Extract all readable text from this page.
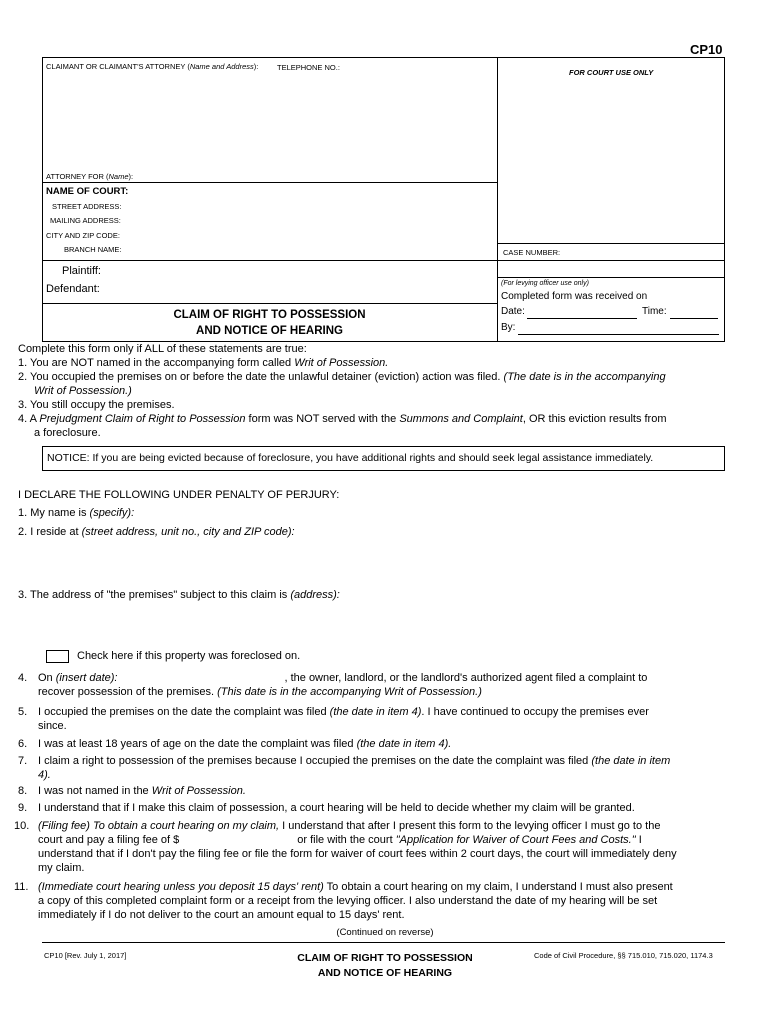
CP10
CLAIMANT OR CLAIMANT'S ATTORNEY (Name and Address): TELEPHONE NO.:
FOR COURT USE ONLY
ATTORNEY FOR (Name):
NAME OF COURT:
STREET ADDRESS:
MAILING ADDRESS:
CITY AND ZIP CODE:
BRANCH NAME:	CASE NUMBER:
Plaintiff:
Defendant:	(For levying officer use only)
Completed form was received on
Date:	Time:
By:
CLAIM OF RIGHT TO POSSESSION
AND NOTICE OF HEARING
Complete this form only if ALL of these statements are true:
1. You are NOT named in the accompanying form called Writ of Possession.
2. You occupied the premises on or before the date the unlawful detainer (eviction) action was filed. (The date is in the accompanying
Writ of Possession.)
3. You still occupy the premises.
4. A Prejudgment Claim of Right to Possession form was NOT served with the Summons and Complaint, OR this eviction results from
a foreclosure.
NOTICE: If you are being evicted because of foreclosure, you have additional rights and should seek legal assistance immediately.
I DECLARE THE FOLLOWING UNDER PENALTY OF PERJURY:
1. My name is (specify):
2. I reside at (street address, unit no., city and ZIP code):
3. The address of "the premises" subject to this claim is (address):
Check here if this property was foreclosed on.
4. On (insert date):	, the owner, landlord, or the landlord's authorized agent filed a complaint to
recover possession of the premises. (This date is in the accompanying Writ of Possession.)
5. I occupied the premises on the date the complaint was filed (the date in item 4). I have continued to occupy the premises ever
since.
6. I was at least 18 years of age on the date the complaint was filed (the date in item 4).
7. I claim a right to possession of the premises because I occupied the premises on the date the complaint was filed (the date in item
4).
8. I was not named in the Writ of Possession.
9. I understand that if I make this claim of possession, a court hearing will be held to decide whether my claim will be granted.
10. (Filing fee) To obtain a court hearing on my claim, I understand that after I present this form to the levying officer I must go to the
court and pay a filing fee of $	or file with the court "Application for Waiver of Court Fees and Costs." I
understand that if I don't pay the filing fee or file the form for waiver of court fees within 2 court days, the court will immediately deny
my claim.
11. (Immediate court hearing unless you deposit 15 days' rent) To obtain a court hearing on my claim, I understand I must also present
a copy of this completed complaint form or a receipt from the levying officer. I also understand the date of my hearing will be set
immediately if I do not deliver to the court an amount equal to 15 days' rent.
(Continued on reverse)
CP10 [Rev. July 1, 2017]	CLAIM OF RIGHT TO POSSESSION
AND NOTICE OF HEARING
Code of Civil Procedure, §§ 715.010, 715.020, 1174.3
